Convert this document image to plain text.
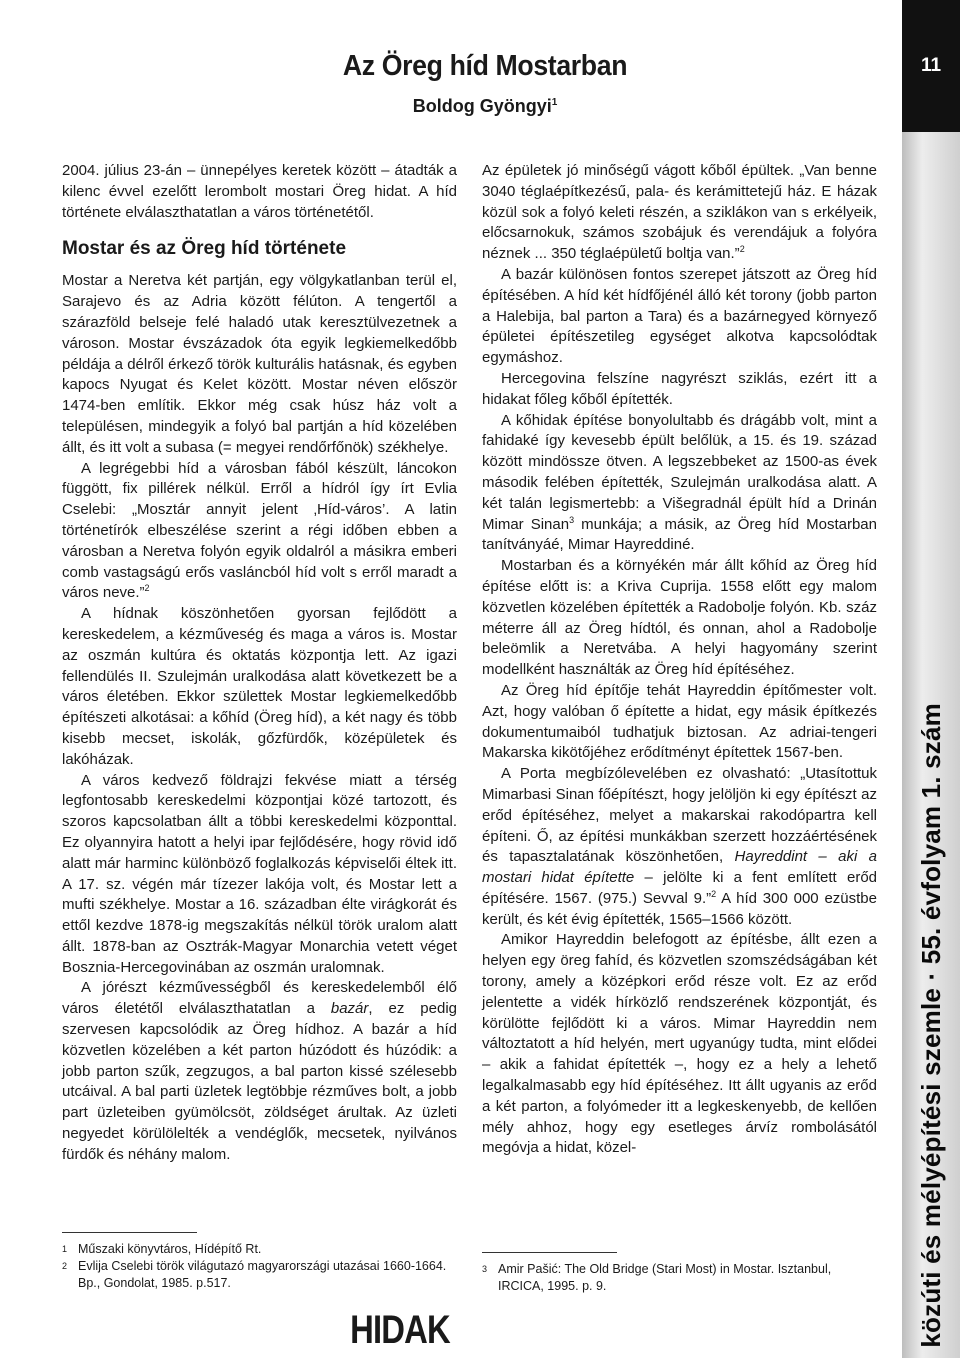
11
közúti és mélyépítési szemle · 55. évfolyam 1. szám
Az Öreg híd Mostarban
Boldog Gyöngyi$^1$

2004. július 23-án – ünnepélyes keretek között – átadták a kilenc évvel ezelőtt lerombolt mostari Öreg hidat. A híd története elválaszthatatlan a város történetétől.

Mostar és az Öreg híd története

Mostar a Neretva két partján, egy völgykatlanban terül el, Sarajevo és az Adria között félúton. A tengertől a szárazföld belseje felé haladó utak keresztülvezetnek a városon. Mostar évszázadok óta egyik legkiemelkedőbb példája a délről érkező török kulturális hatásnak, és egyben kapocs Nyugat és Kelet között. Mostar néven először 1474-ben említik. Ekkor még csak húsz ház volt a településen, mindegyik a folyó bal partján a híd közelében állt, és itt volt a subasa (= megyei rendőrfőnök) székhelye.

A legrégebbi híd a városban fából készült, láncokon függött, fix pillérek nélkül. Erről a hídról így írt Evlia Cselebi: „Mosztár annyit jelent ‚Híd-város’. A latin történetírók elbeszélése szerint a régi időben ebben a városban a Neretva folyón egyik oldalról a másikra emberi comb vastagságú erős vasláncból híd volt s erről maradt a város neve.”$^2$

A hídnak köszönhetően gyorsan fejlődött a kereskedelem, a kézműveség és maga a város is. Mostar az oszmán kultúra és oktatás központja lett. Az igazi fellendülés II. Szulejmán uralkodása alatt következett be a város életében. Ekkor születtek Mostar legkiemelkedőbb építészeti alkotásai: a kőhíd (Öreg híd), a két nagy és több kisebb mecset, iskolák, gőzfürdők, középületek és lakóházak.

A város kedvező földrajzi fekvése miatt a térség legfontosabb kereskedelmi központjai közé tartozott, és szoros kapcsolatban állt a többi kereskedelmi központtal. Ez olyannyira hatott a helyi ipar fejlődésére, hogy rövid idő alatt már harminc különböző foglalkozás képviselői éltek itt. A 17. sz. végén már tízezer lakója volt, és Mostar lett a mufti székhelye. Mostar a 16. században élte virágkorát és ettől kezdve 1878-ig megszakítás nélkül török uralom alatt állt. 1878-ban az Osztrák-Magyar Monarchia vetett véget Bosznia-Hercegovinában az oszmán uralomnak.

A jórészt kézművességből és kereskedelemből élő város életétől elválaszthatatlan a bazár, ez pedig szervesen kapcsolódik az Öreg hídhoz. A bazár a híd közvetlen közelében a két parton húzódott és húzódik: a jobb parton szűk, zegzugos, a bal parton kissé szélesebb utcáival. A bal parti üzletek legtöbbje rézműves bolt, a jobb part üzleteiben gyümölcsöt, zöldséget árultak. Az üzleti negyedet körülölelték a vendéglők, mecsetek, nyilvános fürdők és néhány malom.

Az épületek jó minőségű vágott kőből épültek. „Van benne 3040 téglaépítkezésű, pala- és kerámittetejű ház. E házak közül sok a folyó keleti részén, a sziklákon van s erkélyeik, előcsarnokuk, számos szobájuk és verendájuk a folyóra néznek ... 350 téglaépületű boltja van.”$^2$

A bazár különösen fontos szerepet játszott az Öreg híd építésében. A híd két hídfőjénél álló két torony (jobb parton a Halebija, bal parton a Tara) és a bazárnegyed környező épületei építészetileg egységet alkotva kapcsolódtak egymáshoz.

Hercegovina felszíne nagyrészt sziklás, ezért itt a hidakat főleg kőből építették.

A kőhidak építése bonyolultabb és drágább volt, mint a fahidaké így kevesebb épült belőlük, a 15. és 19. század között mindössze ötven. A legszebbeket az 1500-as évek második felében építették, Szulejmán uralkodása alatt. A két talán legismertebb: a Višegradnál épült híd a Drinán Mimar Sinan$^3$ munkája; a másik, az Öreg híd Mostarban tanítványáé, Mimar Hayreddiné.

Mostarban és a környékén már állt kőhíd az Öreg híd építése előtt is: a Kriva Cuprija. 1558 előtt egy malom közvetlen közelében építették a Radobolje folyón. Kb. száz méterre áll az Öreg hídtól, és onnan, ahol a Radobolje beleömlik a Neretvába. A helyi hagyomány szerint modellként használták az Öreg híd építéséhez.

Az Öreg híd építője tehát Hayreddin építőmester volt. Azt, hogy valóban ő építette a hidat, egy másik építkezés dokumentumaiból tudhatjuk biztosan. Az adriai-tengeri Makarska kikötőjéhez erődítményt építettek 1567-ben.

A Porta megbízólevelében ez olvasható: „Utasítottuk Mimarbasi Sinan főépítészt, hogy jelöljön ki egy építészt az erőd építéséhez, melyet a makarskai rakodópartra kell építeni. Ő, az építési munkákban szerzett hozzáértésének és tapasztalatának köszönhetően, Hayreddint – aki a mostari hidat építette – jelölte ki a fent említett erőd építésére. 1567. (975.) Sevval 9.”$^2$ A híd 300 000 ezüstbe került, és két évig építették, 1565–1566 között.

Amikor Hayreddin belefogott az építésbe, állt ezen a helyen egy öreg fahíd, és közvetlen szomszédságában két torony, amely a középkori erőd része volt. Ez az erőd jelentette a vidék hírközlő rendszerének központját, és körülötte fejlődött ki a város. Mimar Hayreddin nem változtatott a híd helyén, mert ugyanúgy tudta, mint elődei – akik a fahidat építették –, hogy ez a hely a lehető legalkalmasabb egy híd építéséhez. Itt állt ugyanis az erőd a két parton, a folyómeder itt a legkeskenyebb, de kellően mély ahhoz, hogy egy esetleges árvíz rombolásától megóvja a hidat, közel-

1 Műszaki könyvtáros, Hídépítő Rt.
2 Evlija Cselebi török világutazó magyarországi utazásai 1660-1664. Bp., Gondolat, 1985. p.517.
3 Amir Pašić: The Old Bridge (Stari Most) in Mostar. Isztanbul, IRCICA, 1995. p. 9.
HIDAK
